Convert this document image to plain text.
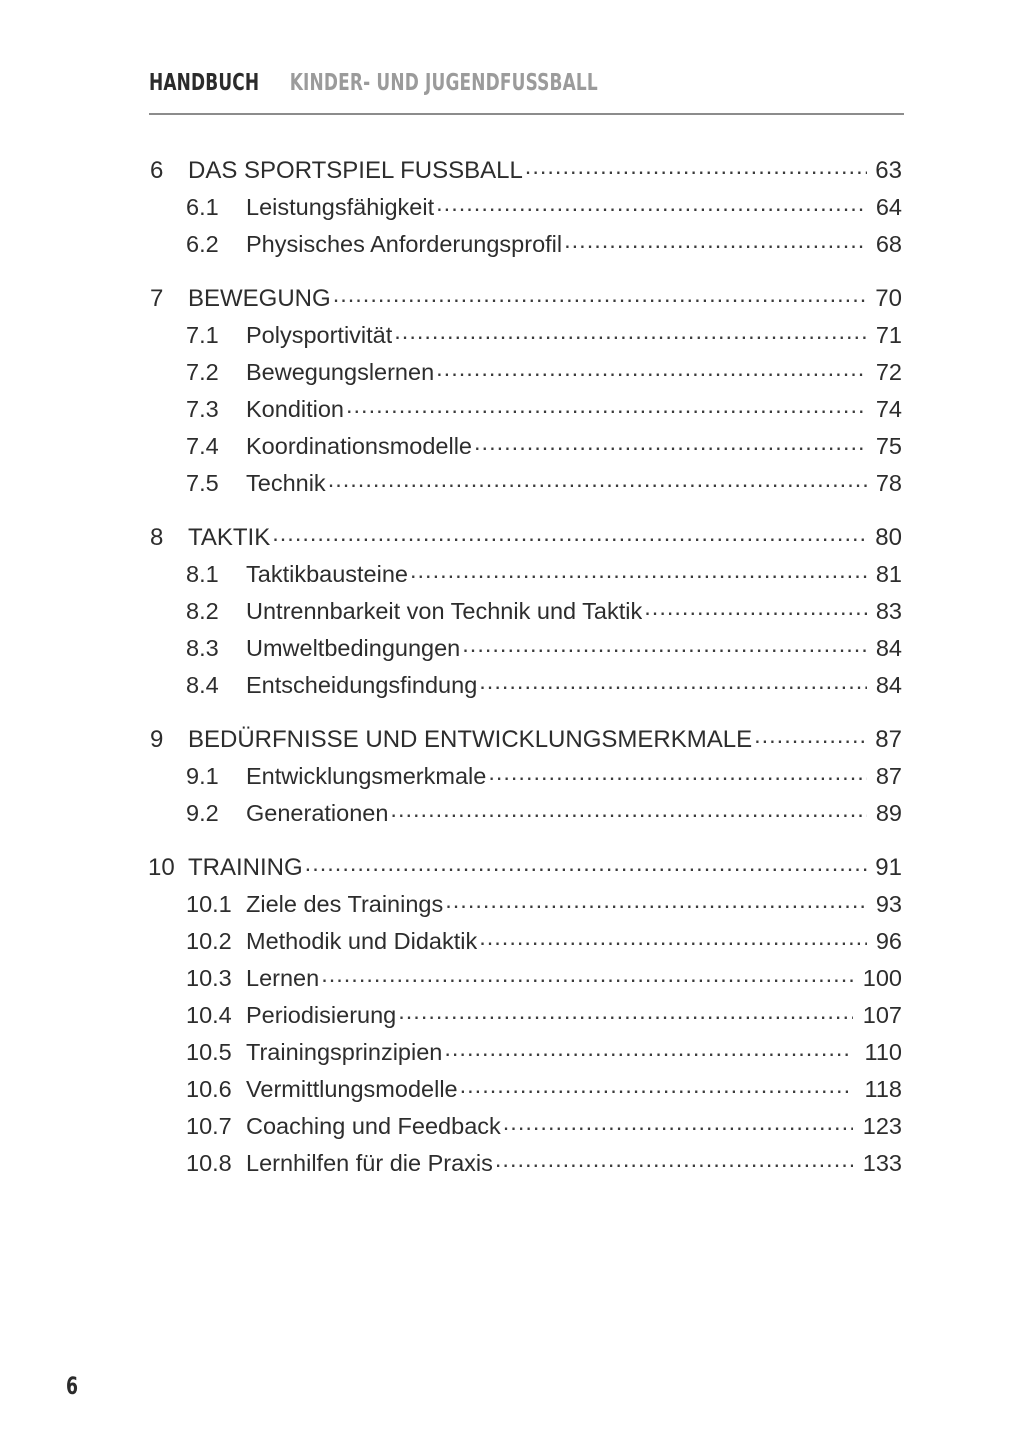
HANDBUCH KINDER- UND JUGENDFUSSBALL
6	DAS SPORTSPIEL FUSSBALL .....	63
6.1	Leistungsfähigkeit .....	64
6.2	Physisches Anforderungsprofil .....	68
7	BEWEGUNG .....	70
7.1	Polysportivität .....	71
7.2	Bewegungslernen .....	72
7.3	Kondition .....	74
7.4	Koordinationsmodelle .....	75
7.5	Technik .....	78
8	TAKTIK .....	80
8.1	Taktikbausteine .....	81
8.2	Untrennbarkeit von Technik und Taktik .....	83
8.3	Umweltbedingungen .....	84
8.4	Entscheidungsfindung .....	84
9	BEDÜRFNISSE UND ENTWICKLUNGSMERKMALE .....	87
9.1	Entwicklungsmerkmale .....	87
9.2	Generationen .....	89
10 TRAINING .....	91
10.1 Ziele des Trainings .....	93
10.2 Methodik und Didaktik .....	96
10.3 Lernen .....	100
10.4 Periodisierung .....	107
10.5 Trainingsprinzipien .....	110
10.6 Vermittlungsmodelle .....	118
10.7 Coaching und Feedback .....	123
10.8 Lernhilfen für die Praxis .....	133
6
